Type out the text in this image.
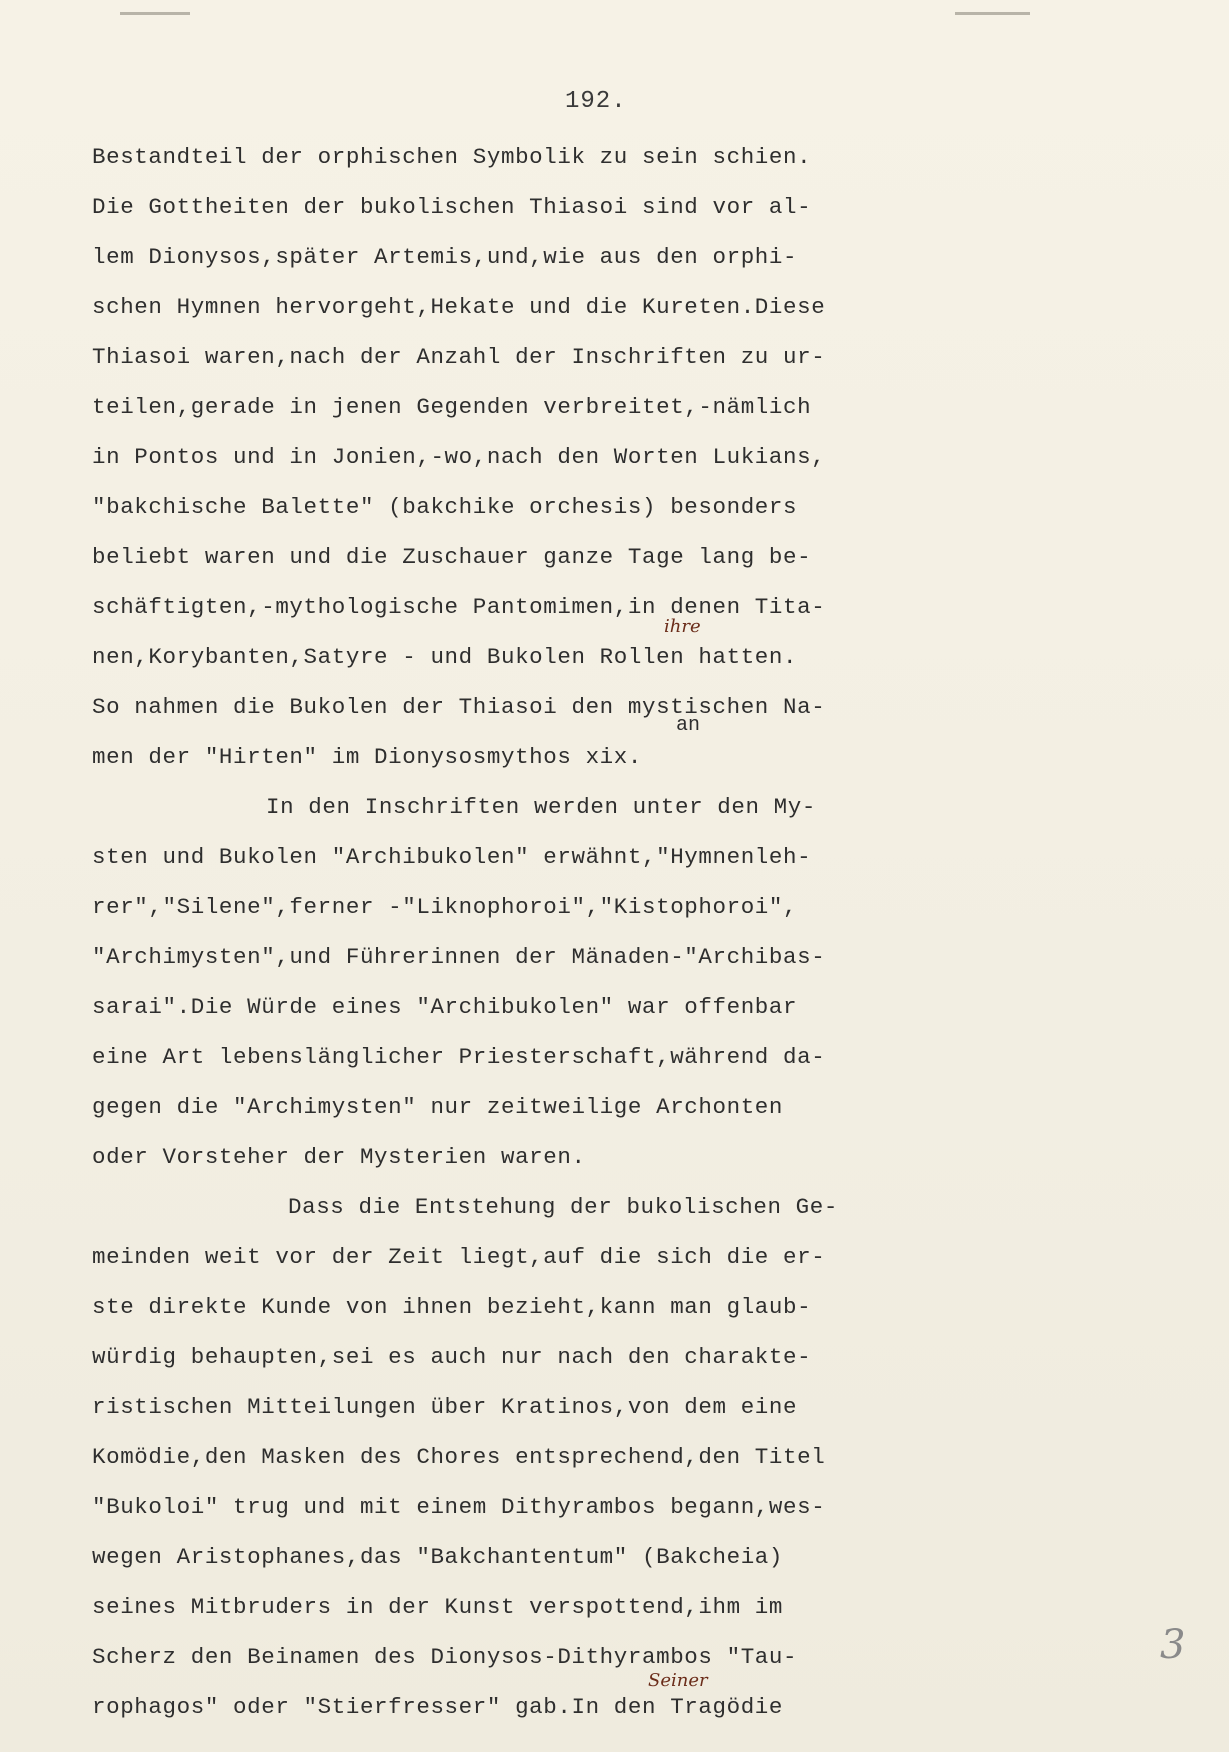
192.
Bestandteil der orphischen Symbolik zu sein schien.
Die Gottheiten der bukolischen Thiasoi sind vor al-
lem Dionysos,später Artemis,und,wie aus den orphi-
schen Hymnen hervorgeht,Hekate und die Kureten.Diese
Thiasoi waren,nach der Anzahl der Inschriften zu ur-
teilen,gerade in jenen Gegenden verbreitet,-nämlich
in Pontos und in Jonien,-wo,nach den Worten Lukians,
"bakchische Balette" (bakchike orchesis) besonders
beliebt waren und die Zuschauer ganze Tage lang be-
schäftigten,-mythologische Pantomimen,in denen Tita-
nen,Korybanten,Satyre - und Bukolen Rollen hatten.
So nahmen die Bukolen der Thiasoi den mystischen Na-
men der "Hirten" im Dionysosmythos xix.
In den Inschriften werden unter den My-
sten und Bukolen "Archibukolen" erwähnt,"Hymnenleh-
rer","Silene",ferner -"Liknophoroi","Kistophoroi",
"Archimysten",und Führerinnen der Mänaden-"Archibas-
sarai".Die Würde eines "Archibukolen" war offenbar
eine Art lebenslänglicher Priesterschaft,während da-
gegen die "Archimysten" nur zeitweilige Archonten
oder Vorsteher der Mysterien waren.
Dass die Entstehung der bukolischen Ge-
meinden weit vor der Zeit liegt,auf die sich die er-
ste direkte Kunde von ihnen bezieht,kann man glaub-
würdig behaupten,sei es auch nur nach den charakte-
ristischen Mitteilungen über Kratinos,von dem eine
Komödie,den Masken des Chores entsprechend,den Titel
"Bukoloi" trug und mit einem Dithyrambos begann,wes-
wegen Aristophanes,das "Bakchantentum" (Bakcheia)
seines Mitbruders in der Kunst verspottend,ihm im
Scherz den Beinamen des Dionysos-Dithyrambos "Tau-
rophagos" oder "Stierfresser" gab.In den Tragödie
ihre
an
Seiner
3
